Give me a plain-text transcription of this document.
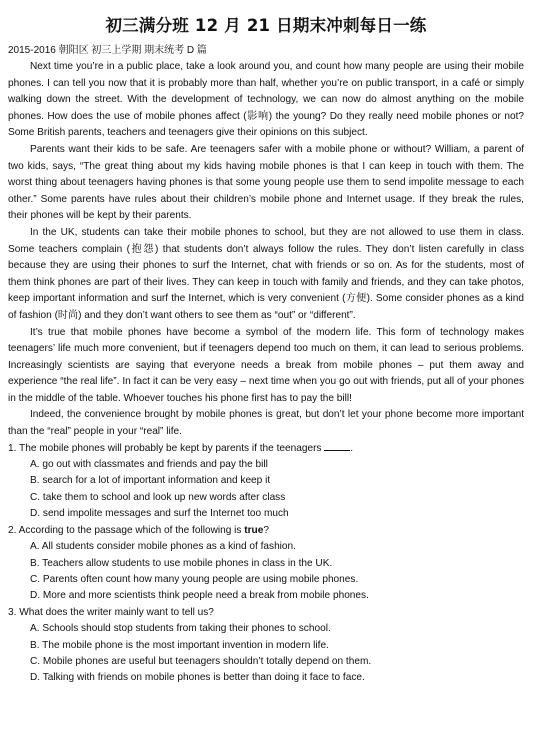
初三满分班 12 月 21 日期末冲刺每日一练
2015-2016 朝阳区 初三上学期 期末统考 D 篇

Next time you’re in a public place, take a look around you, and count how many people are using their mobile phones. I can tell you now that it is probably more than half, whether you’re on public transport, in a café or simply walking down the street. With the development of technology, we can now do almost anything on the mobile phones. How does the use of mobile phones affect (影响) the young? Do they really need mobile phones or not? Some British parents, teachers and teenagers give their opinions on this subject.

Parents want their kids to be safe. Are teenagers safer with a mobile phone or without? William, a parent of two kids, says, “The great thing about my kids having mobile phones is that I can keep in touch with them. The worst thing about teenagers having phones is that some young people use them to send impolite message to each other.” Some parents have rules about their children’s mobile phone and Internet usage. If they break the rules, their phones will be kept by their parents.

In the UK, students can take their mobile phones to school, but they are not allowed to use them in class. Some teachers complain (抱怨) that students don’t always follow the rules. They don’t listen carefully in class because they are using their phones to surf the Internet, chat with friends or so on. As for the students, most of them think phones are part of their lives. They can keep in touch with family and friends, and they can take photos, keep important information and surf the Internet, which is very convenient (方便). Some consider phones as a kind of fashion (时尚) and they don’t want others to see them as “out” or “different”.

It’s true that mobile phones have become a symbol of the modern life. This form of technology makes teenagers’ life much more convenient, but if teenagers depend too much on them, it can lead to serious problems. Increasingly scientists are saying that everyone needs a break from mobile phones – put them away and experience “the real life”. In fact it can be very easy – next time when you go out with friends, put all of your phones in the middle of the table. Whoever touches his phone first has to pay the bill!

Indeed, the convenience brought by mobile phones is great, but don’t let your phone become more important than the “real” people in your “real” life.

1. The mobile phones will probably be kept by parents if the teenagers	.

A. go out with classmates and friends and pay the bill

B. search for a lot of important information and keep it

C. take them to school and look up new words after class

D. send impolite messages and surf the Internet too much

2. According to the passage which of the following is true?

A. All students consider mobile phones as a kind of fashion.

B. Teachers allow students to use mobile phones in class in the UK.

C. Parents often count how many young people are using mobile phones.

D. More and more scientists think people need a break from mobile phones.

3. What does the writer mainly want to tell us?

A. Schools should stop students from taking their phones to school.

B. The mobile phone is the most important invention in modern life.

C. Mobile phones are useful but teenagers shouldn’t totally depend on them.

D. Talking with friends on mobile phones is better than doing it face to face.
